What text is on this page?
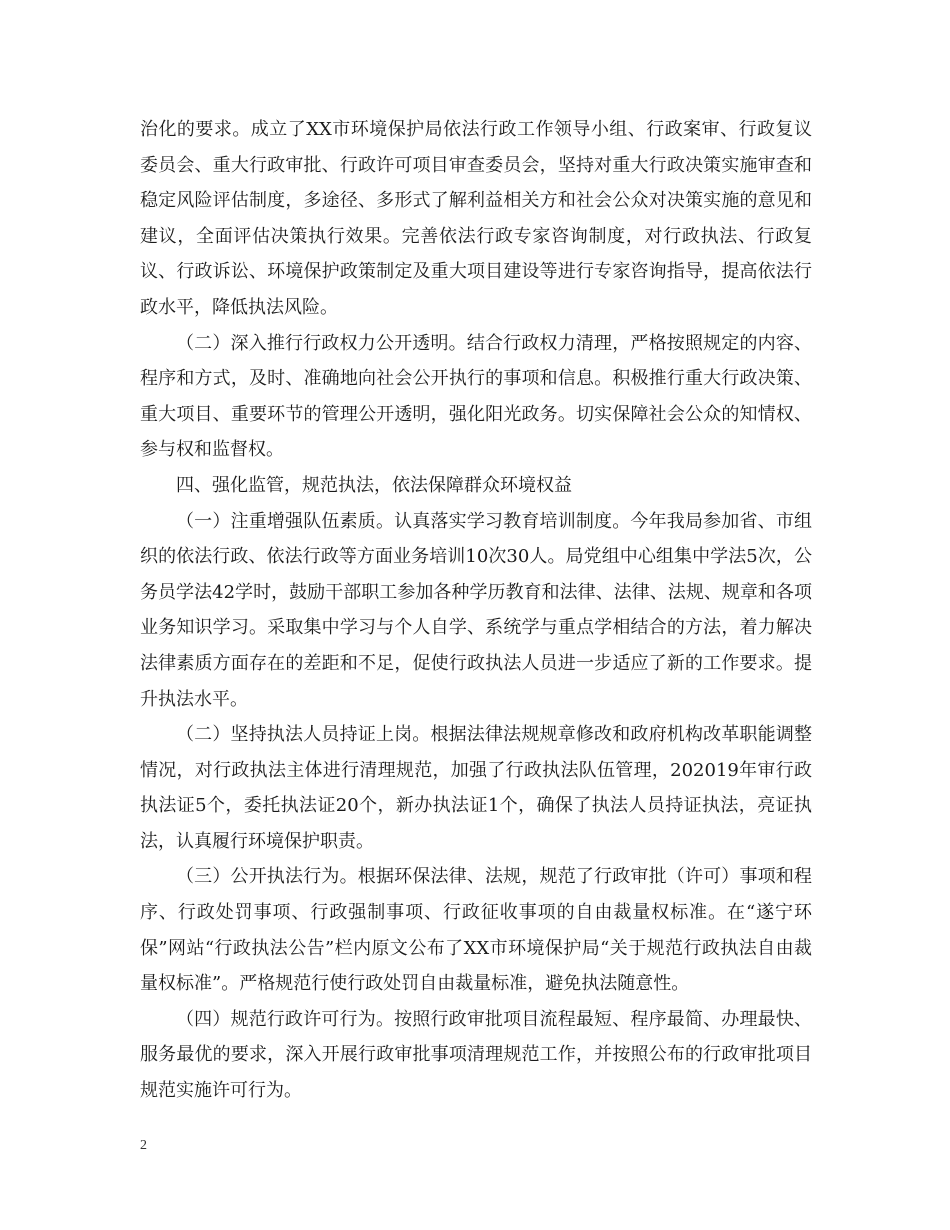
治化的要求。成立了XX市环境保护局依法行政工作领导小组、行政案审、行政复议委员会、重大行政审批、行政许可项目审查委员会，坚持对重大行政决策实施审查和稳定风险评估制度，多途径、多形式了解利益相关方和社会公众对决策实施的意见和建议，全面评估决策执行效果。完善依法行政专家咨询制度，对行政执法、行政复议、行政诉讼、环境保护政策制定及重大项目建设等进行专家咨询指导，提高依法行政水平，降低执法风险。

（二）深入推行行政权力公开透明。结合行政权力清理，严格按照规定的内容、程序和方式，及时、准确地向社会公开执行的事项和信息。积极推行重大行政决策、重大项目、重要环节的管理公开透明，强化阳光政务。切实保障社会公众的知情权、参与权和监督权。

四、强化监管，规范执法，依法保障群众环境权益

（一）注重增强队伍素质。认真落实学习教育培训制度。今年我局参加省、市组织的依法行政、依法行政等方面业务培训10次30人。局党组中心组集中学法5次，公务员学法42学时，鼓励干部职工参加各种学历教育和法律、法律、法规、规章和各项业务知识学习。采取集中学习与个人自学、系统学与重点学相结合的方法，着力解决法律素质方面存在的差距和不足，促使行政执法人员进一步适应了新的工作要求。提升执法水平。

（二）坚持执法人员持证上岗。根据法律法规规章修改和政府机构改革职能调整情况，对行政执法主体进行清理规范，加强了行政执法队伍管理，202019年审行政执法证5个，委托执法证20个，新办执法证1个，确保了执法人员持证执法，亮证执法，认真履行环境保护职责。

（三）公开执法行为。根据环保法律、法规，规范了行政审批（许可）事项和程序、行政处罚事项、行政强制事项、行政征收事项的自由裁量权标准。在“遂宁环保”网站“行政执法公告”栏内原文公布了XX市环境保护局“关于规范行政执法自由裁量权标准”。严格规范行使行政处罚自由裁量标准，避免执法随意性。

（四）规范行政许可行为。按照行政审批项目流程最短、程序最简、办理最快、服务最优的要求，深入开展行政审批事项清理规范工作，并按照公布的行政审批项目规范实施许可行为。

2
